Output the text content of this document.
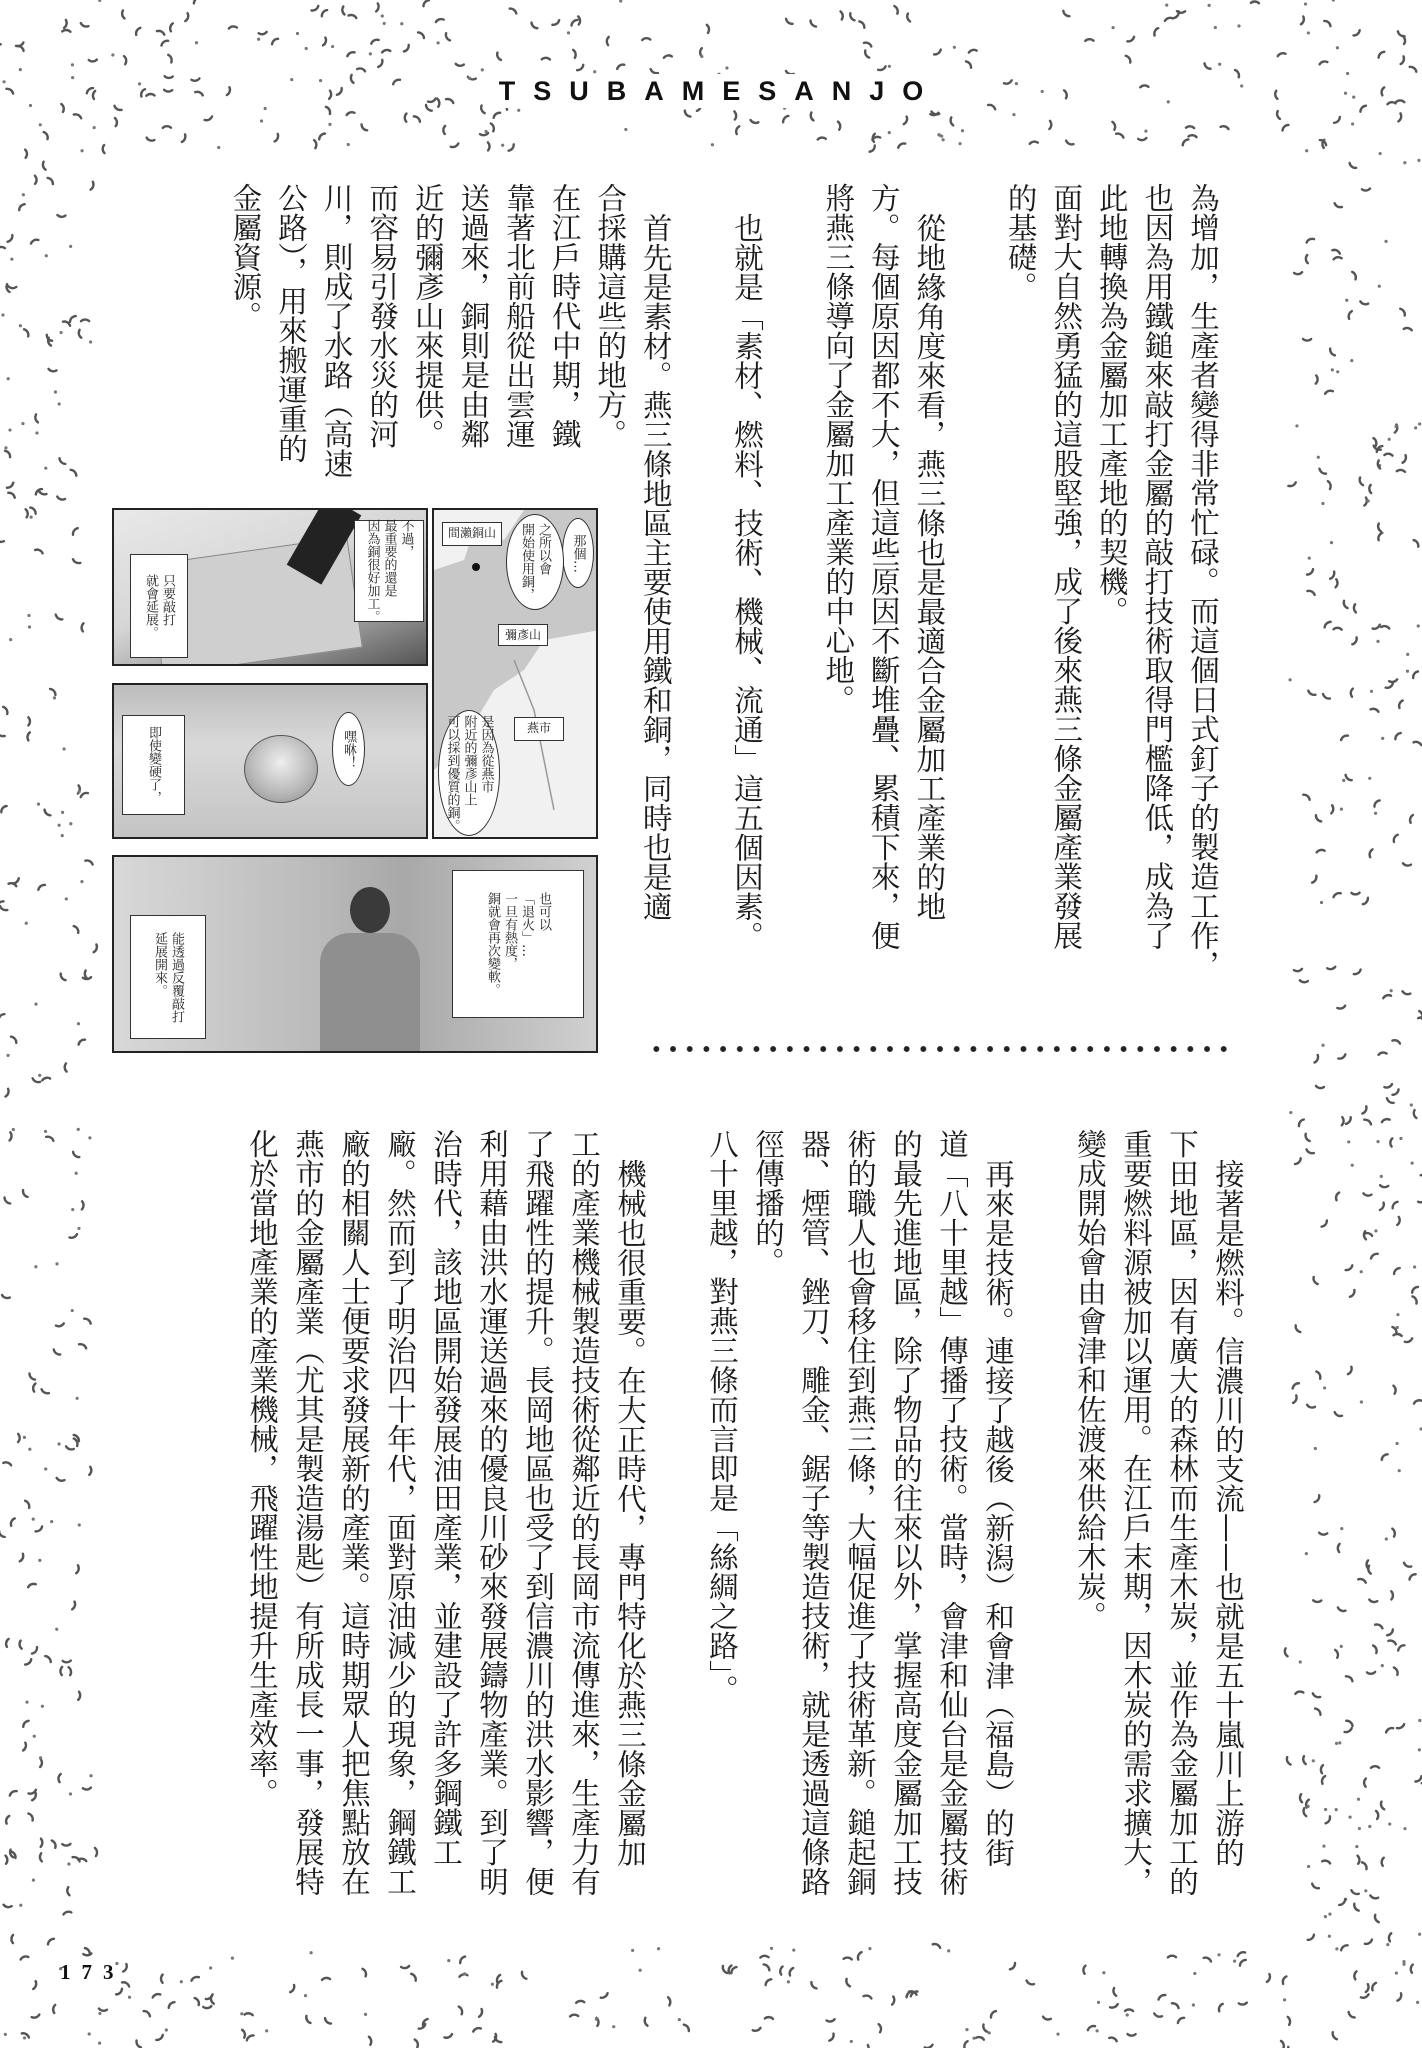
TSUBAMESANJO
為增加，生產者變得非常忙碌。而這個日式釘子的製造工作，
也因為用鐵鎚來敲打金屬的敲打技術取得門檻降低，成為了
此地轉換為金屬加工產地的契機。
面對大自然勇猛的這股堅強，成了後來燕三條金屬產業發展
的基礎。
從地緣角度來看，燕三條也是最適合金屬加工產業的地
方。每個原因都不大，但這些原因不斷堆疊、累積下來，便
將燕三條導向了金屬加工產業的中心地。
也就是「素材、燃料、技術、機械、流通」這五個因素。
首先是素材。燕三條地區主要使用鐵和銅，同時也是適
合採購這些的地方。
在江戶時代中期，鐵
靠著北前船從出雲運
送過來，銅則是由鄰
近的彌彥山來提供。
而容易引發水災的河
川，則成了水路（高速
公路），用來搬運重的
金屬資源。
接著是燃料。信濃川的支流——也就是五十嵐川上游的
下田地區，因有廣大的森林而生產木炭，並作為金屬加工的
重要燃料源被加以運用。在江戶末期，因木炭的需求擴大，
變成開始會由會津和佐渡來供給木炭。
再來是技術。連接了越後（新潟）和會津（福島）的街
道「八十里越」傳播了技術。當時，會津和仙台是金屬技術
的最先進地區，除了物品的往來以外，掌握高度金屬加工技
術的職人也會移住到燕三條，大幅促進了技術革新。鎚起銅
器、煙管、銼刀、雕金、鋸子等製造技術，就是透過這條路
徑傳播的。
八十里越，對燕三條而言即是「絲綢之路」。
機械也很重要。在大正時代，專門特化於燕三條金屬加
工的產業機械製造技術從鄰近的長岡市流傳進來，生產力有
了飛躍性的提升。長岡地區也受了到信濃川的洪水影響，便
利用藉由洪水運送過來的優良川砂來發展鑄物產業。到了明
治時代，該地區開始發展油田產業，並建設了許多鋼鐵工
廠。然而到了明治四十年代，面對原油減少的現象，鋼鐵工
廠的相關人士便要求發展新的產業。這時期眾人把焦點放在
燕市的金屬產業（尤其是製造湯匙）有所成長一事，發展特
化於當地產業的產業機械，飛躍性地提升生產效率。
只要敲打
就會延展。
不過，
最重要的還是
因為銅很好加工。
即使變硬了，	嘿咻！
間瀨銅山
那個…
之所以會
開始使用銅，
彌彥山
燕市
是因為從燕市
附近的彌彥山上
可以採到優質的銅。
能透過反覆敲打
延展開來。
也可以
「退火」…
一旦有熱度，
銅就會再次變軟。
173
